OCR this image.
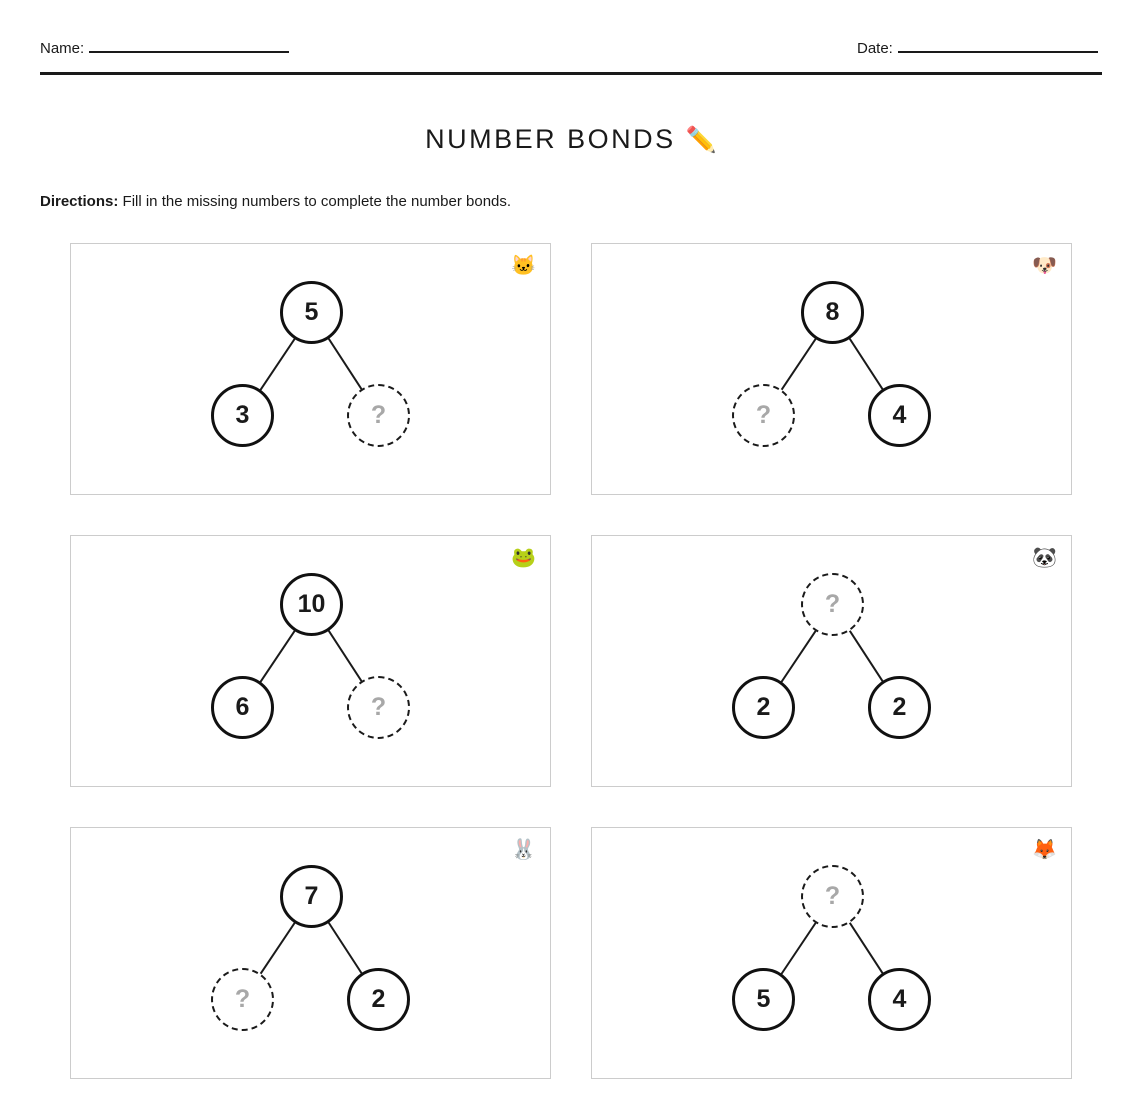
Name:	Date:
NUMBER BONDS ✏️
Directions: Fill in the missing numbers to complete the number bonds.
5
3	?
🐱
8
?	4
🐶
10
6	?
🐸
?
2	2
🐼
7
?	2
🐰
?
5	4
🦊
